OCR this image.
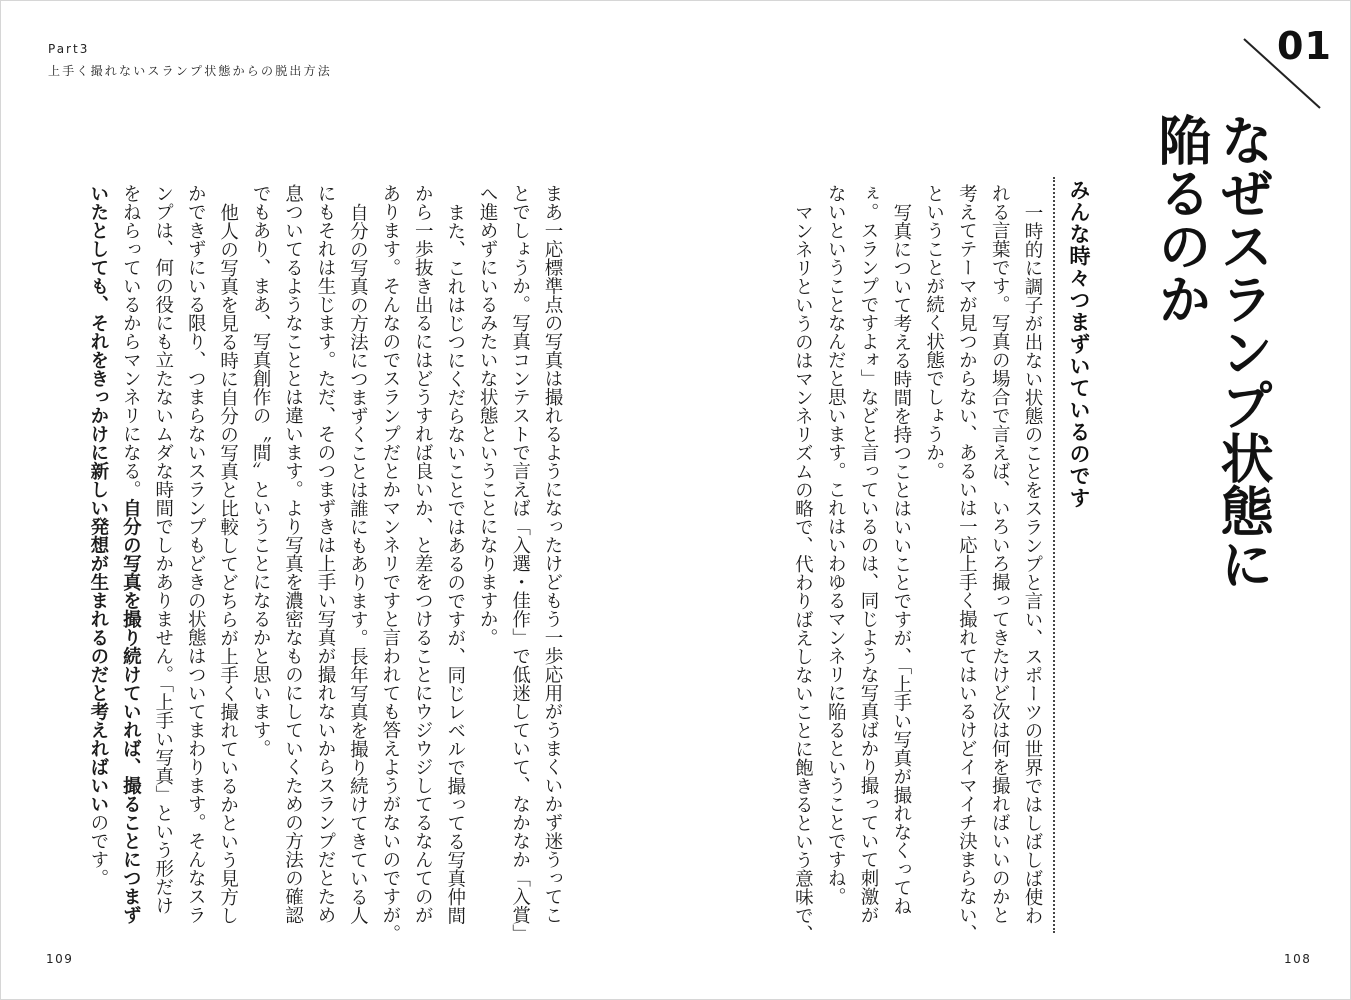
Part3
上手く撮れないスランプ状態からの脱出方法
01
なぜスランプ状態に
陥るのか
みんな時々つまずいているのです
一時的に調子が出ない状態のことをスランプと言い、スポーツの世界ではしばしば使わ
れる言葉です。写真の場合で言えば、いろいろ撮ってきたけど次は何を撮ればいいのかと
考えてテーマが見つからない、あるいは一応上手く撮れてはいるけどイマイチ決まらない、
ということが続く状態でしょうか。
写真について考える時間を持つことはいいことですが、「上手い写真が撮れなくってね
ぇ。スランプですよォ」などと言っているのは、同じような写真ばかり撮っていて刺激が
ないということなんだと思います。これはいわゆるマンネリに陥るということですね。
マンネリというのはマンネリズムの略で、代わりばえしないことに飽きるという意味で、
まあ一応標準点の写真は撮れるようになったけどもう一歩応用がうまくいかず迷うってこ
とでしょうか。写真コンテストで言えば「入選・佳作」で低迷していて、なかなか「入賞」
へ進めずにいるみたいな状態ということになりますか。
また、これはじつにくだらないことではあるのですが、同じレベルで撮ってる写真仲間
から一歩抜き出るにはどうすれば良いか、と差をつけることにウジウジしてるなんてのが
あります。そんなのでスランプだとかマンネリですと言われても答えようがないのですが。
自分の写真の方法につまずくことは誰にもあります。長年写真を撮り続けてきている人
にもそれは生じます。ただ、そのつまずきは上手い写真が撮れないからスランプだとため
息ついてるようなこととは違います。より写真を濃密なものにしていくための方法の確認
でもあり、まあ、写真創作の〝間〟ということになるかと思います。
他人の写真を見る時に自分の写真と比較してどちらが上手く撮れているかという見方し
かできずにいる限り、つまらないスランプもどきの状態はついてまわります。そんなスラ
ンプは、何の役にも立たないムダな時間でしかありません。「上手い写真」という形だけ
をねらっているからマンネリになる。自分の写真を撮り続けていれば、撮ることにつまず
いたとしても、それをきっかけに新しい発想が生まれるのだと考えればいいのです。
109	108
